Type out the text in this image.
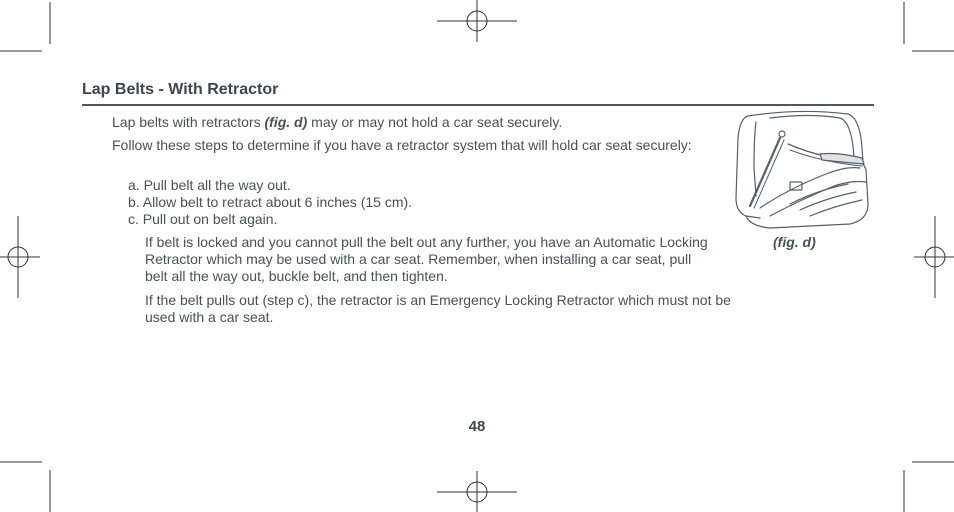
Lap Belts - With Retractor

Lap belts with retractors (fig. d) may or may not hold a car seat securely.

Follow these steps to determine if you have a retractor system that will hold car seat securely:

a. Pull belt all the way out.
b. Allow belt to retract about 6 inches (15 cm).
c. Pull out on belt again.

If belt is locked and you cannot pull the belt out any further, you have an Automatic Locking Retractor which may be used with a car seat. Remember, when installing a car seat, pull belt all the way out, buckle belt, and then tighten.

If the belt pulls out (step c), the retractor is an Emergency Locking Retractor which must not be used with a car seat.

(fig. d)

48
